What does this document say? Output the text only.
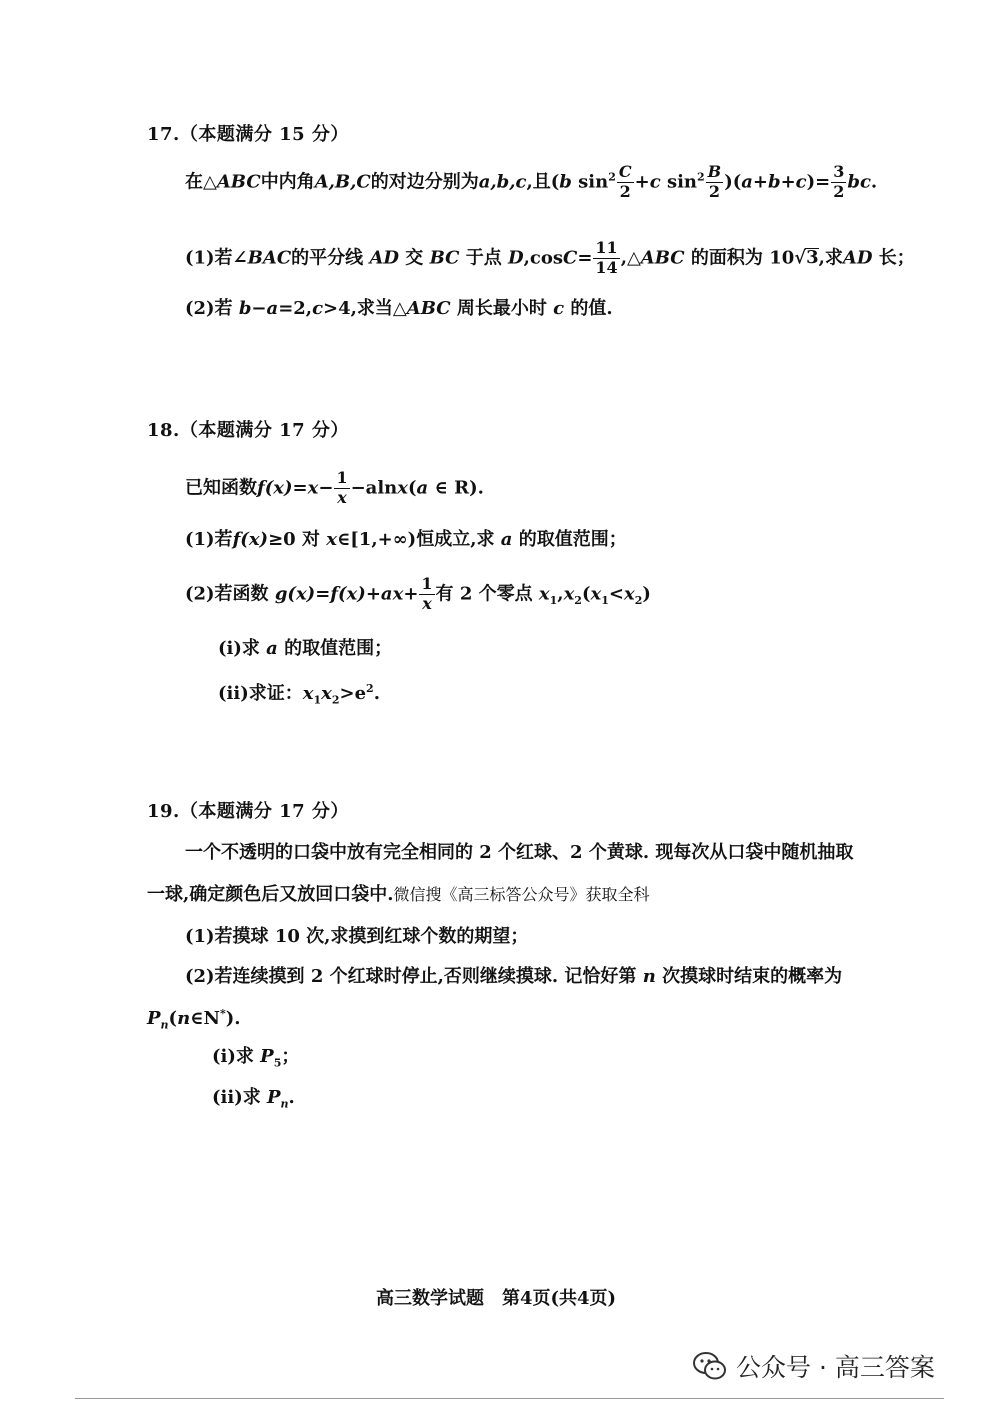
17.（本题满分 15 分）
在△ABC中内角A,B,C的对边分别为a,b,c,且(b $\sin^2 \frac{C}{2} +c$ $\sin^2 \frac{B}{2} )(a+b+c)= \frac{3}{2}$ bc.
(1)若∠BAC的平分线 AD 交 BC 于点 $D,\cos C= \frac{11}{14}$ ,△ABC 的面积为 10√3,求AD 长；
(2)若 b−a=2,c>4,求当△ABC 周长最小时 c 的值.
18.（本题满分 17 分）
已知函数$f(x)=x- \frac{1}{x} -alnx(a$ ∈ R).
(1)若f(x)≥0 对 x∈[1,+∞)恒成立,求 a 的取值范围；
(2)若函数 $g(x)=f(x)+ax+ \frac{1}{x}$ 有 2 个零点 $x_1,x_2(x_1<x_2)$
(i)求 a 的取值范围；
(ii)求证：$x_1x_2>e^2$.
19.（本题满分 17 分）
一个不透明的口袋中放有完全相同的 2 个红球、2 个黄球. 现每次从口袋中随机抽取
一球,确定颜色后又放回口袋中.微信搜《高三标答公众号》获取全科
(1)若摸球 10 次,求摸到红球个数的期望；
(2)若连续摸到 2 个红球时停止,否则继续摸球. 记恰好第 n 次摸球时结束的概率为
$P_n(n\in N^*)$.
(i)求 $P_5$；
(ii)求 $P_n$.
高三数学试题　第4页(共4页)
公众号 · 高三答案
